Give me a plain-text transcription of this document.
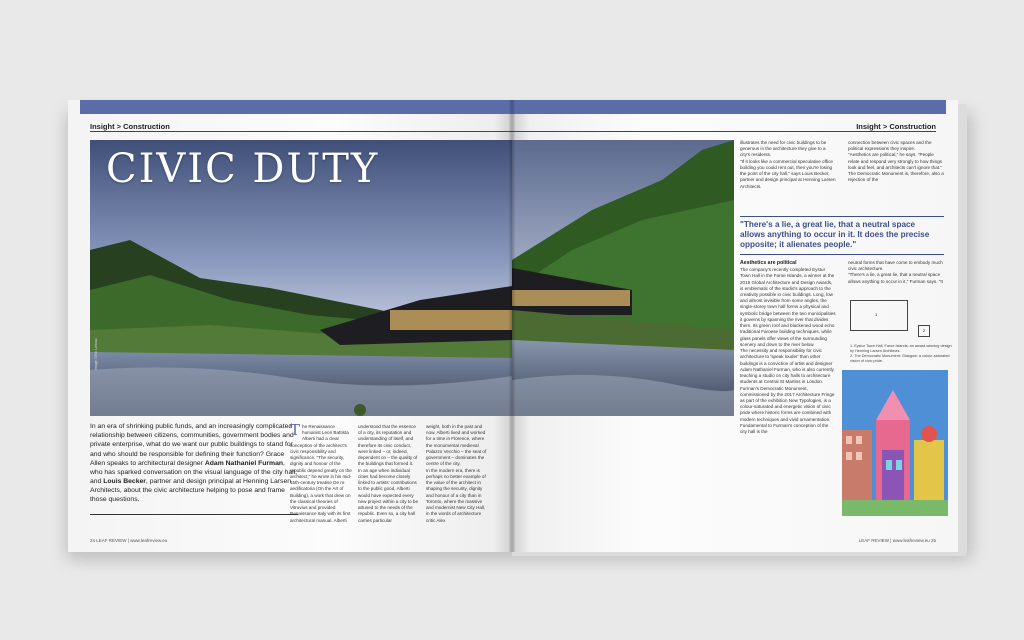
Insight > Construction
CIVIC DUTY
Image: ©Nic Lehoux
In an era of shrinking public funds, and an increasingly complicated relationship between citizens, communities, government bodies and private enterprise, what do we want our public buildings to stand for and who should be responsible for defining their function? Grace Allen speaks to architectural designer Adam Nathaniel Furman, who has sparked conversation on the visual language of the city hall, and Louis Becker, partner and design principal at Henning Larsen Architects, about the civic architecture helping to pose and frame those questions.
The Renaissance humanist Leon Battista Alberti had a clear conception of the architect's civic responsibility and significance. "The security, dignity and honour of the republic depend greatly on the architect," he wrote in his mid-15th-century treatise De re aedificatoria (On the Art of Building), a work that drew on the classical theories of Vitruvius and provided Renaissance Italy with its first architectural manual. Alberti
understood that the essence of a city, its reputation and understanding of itself, and therefore its civic conduct, were linked – or, indeed, dependent on – the quality of the buildings that formed it.
In an age when individual cities had become closely linked to artists' contributions to the public good, Alberti would have expected every new project within a city to be attuned to the needs of the republic. Even so, a city hall carries particular
weight, both in the past and now. Alberti lived and worked for a time in Florence, where the monumental medieval Palazzo Vecchio – the seat of government – dominates the centre of the city.
In the modern era, there is perhaps no better example of the value of the architect in shaping the security, dignity and honour of a city than in Toronto, where the massive and modernist New City Hall, in the words of architecture critic Alex
24 LEAF REVIEW | www.leafreview.eu
Insight > Construction
illustrates the need for civic buildings to be generous in the architecture they give to a city's residents.
"If it looks like a commercial speculative office building you could rent out, then you're losing the point of the city hall," says Louis Becker, partner and design principal at Henning Larsen Architects.
connection between civic spaces and the political expressions they inspire.
"Aesthetics are political," he says. "People relate and respond very strongly to how things look and feel, and architects can't ignore that."
The Democratic Monument is, therefore, also a rejection of the
"There's a lie, a great lie, that a neutral space allows anything to occur in it. It does the precise opposite; it alienates people."
Aesthetics are political
The company's recently completed Eystur Town Hall in the Faroe Islands, a winner at the 2019 Global Architecture and Design Awards, is emblematic of the studio's approach to the creativity possible in civic buildings. Long, low and almost invisible from some angles, the single-storey town hall forms a physical and symbolic bridge between the two municipalities it governs by spanning the river that divides them. Its green roof and blackened wood echo traditional Faroese building techniques, while glass panels offer views of the surrounding scenery and down to the river below.
The necessity and responsibility for civic architecture to 'speak louder' than other buildings is a conviction of artist and designer Adam Nathaniel Furman, who is also currently teaching a studio on city halls to architecture students at Central St Martins in London. Furman's Democratic Monument, commissioned by the 2017 Architecture Fringe as part of the exhibition New Typologies, is a colour-saturated and energetic vision of civic pride where historic forms are combined with modern techniques and vivid ornamentation.
Fundamental to Furman's conception of the city hall is the
neutral forms that have come to embody much civic architecture.
"There's a lie, a great lie, that a neutral space allows anything to occur in it," Furman says. "It
1
2
1. Eystur Town Hall, Faroe Islands: an award-winning design by Henning Larsen Architects.
2. The Democratic Monument: Glasgow: a colour-saturated vision of civic pride.
LEAF REVIEW | www.leafreview.eu 25
